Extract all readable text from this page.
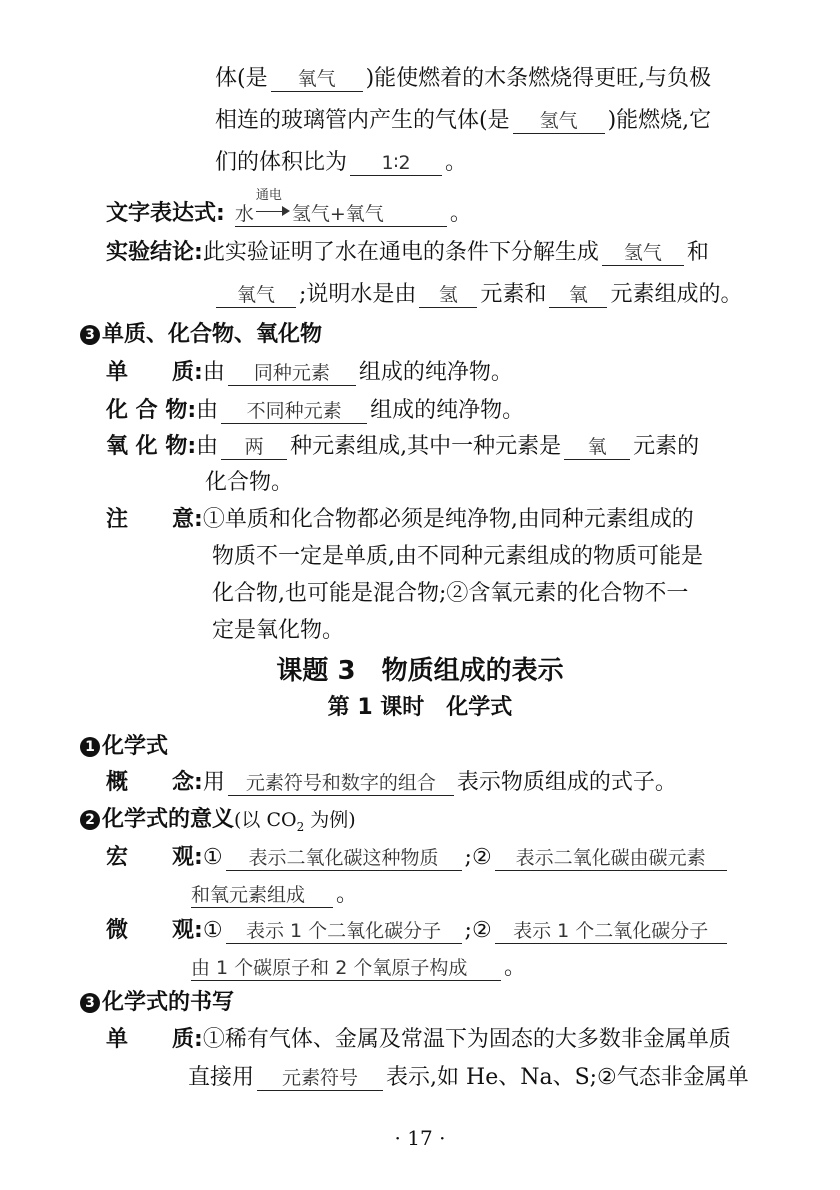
体(是 氧气 )能使燃着的木条燃烧得更旺,与负极
相连的玻璃管内产生的气体(是 氢气 )能燃烧,它
们的体积比为 1∶2 。
文字表达式: 水
通电
氢气+氧气	。
实验结论:此实验证明了水在通电的条件下分解生成 氢气 和
氧气 ;说明水是由 氢 元素和 氧 元素组成的。
3 单质、化合物、氧化物
单　　质:由 同种元素 组成的纯净物。
化 合 物:由 不同种元素 组成的纯净物。
氧 化 物:由 两 种元素组成,其中一种元素是 氧 元素的
化合物。
注　　意:①单质和化合物都必须是纯净物,由同种元素组成的
物质不一定是单质,由不同种元素组成的物质可能是
化合物,也可能是混合物;②含氧元素的化合物不一
定是氧化物。
课题 3　物质组成的表示
第 1 课时　化学式
1 化学式
概　　念:用 元素符号和数字的组合 表示物质组成的式子。
2 化学式的意义(以 $CO_2$ 为例)
宏　　观:① 表示二氧化碳这种物质 ;② 表示二氧化碳由碳元素
和氧元素组成 。
微　　观:① 表示 1 个二氧化碳分子 ;② 表示 1 个二氧化碳分子
由 1 个碳原子和 2 个氧原子构成 。
3 化学式的书写
单　　质:①稀有气体、金属及常温下为固态的大多数非金属单质
直接用 元素符号 表示,如 He、Na、S;②气态非金属单
· 17 ·
